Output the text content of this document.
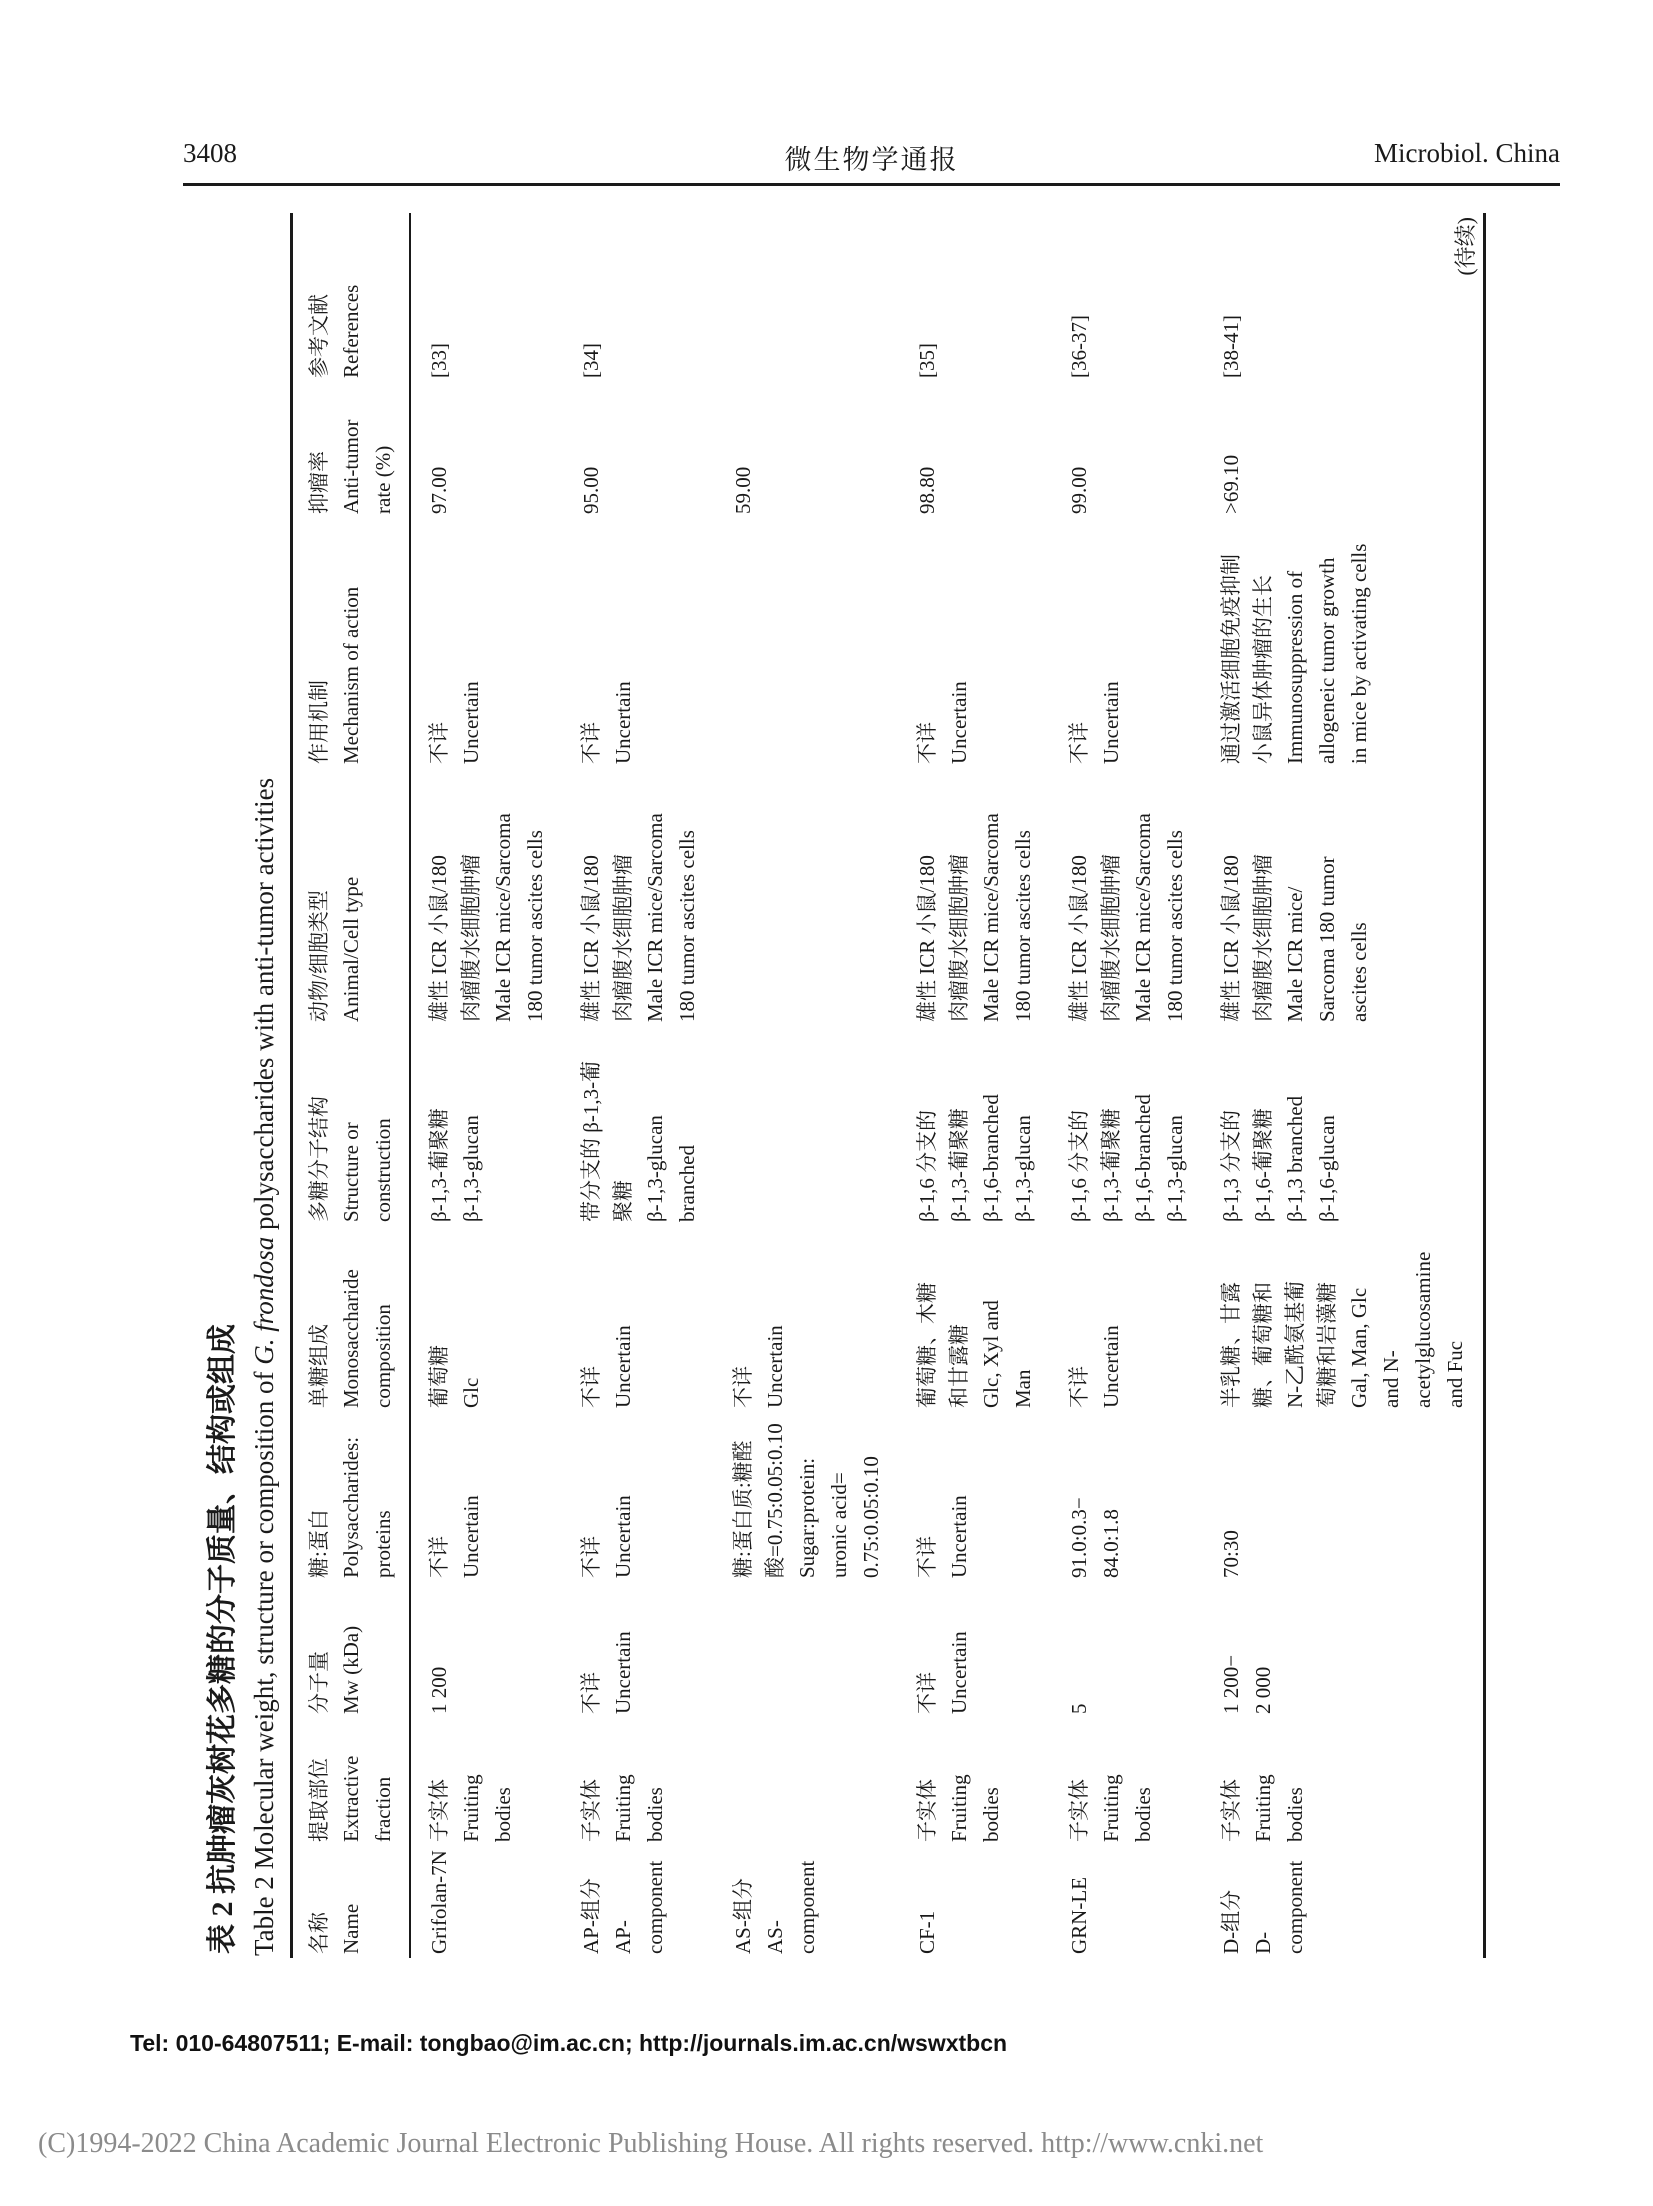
3408	微生物学通报	Microbiol. China
表 2 抗肿瘤灰树花多糖的分子质量、结构或组成 Table 2 Molecular weight, structure or composition of G. frondosa polysaccharides with anti-tumor activities
名称 Name
提取部位 Extractive fraction
分子量 Mw (kDa)
糖:蛋白 Polysaccharides: proteins
单糖组成 Monosaccharide composition
多糖分子结构 Structure or construction
动物/细胞类型 Animal/Cell type
作用机制 Mechanism of action
抑瘤率 Anti-tumor rate (%)
参考文献 References
Grifolan-7N
子实体 Fruiting bodies
1 200
不详 Uncertain
葡萄糖 Glc
β-1,3-葡聚糖 β-1,3-glucan
雄性 ICR 小鼠/180 肉瘤腹水细胞肿瘤 Male ICR mice/Sarcoma 180 tumor ascites cells
不详 Uncertain
97.00
[33]
AP-组分 AP- component
子实体 Fruiting bodies
不详 Uncertain
不详 Uncertain
不详 Uncertain
带分支的 β-1,3-葡 聚糖 β-1,3-glucan branched
雄性 ICR 小鼠/180 肉瘤腹水细胞肿瘤 Male ICR mice/Sarcoma 180 tumor ascites cells
不详 Uncertain
95.00
[34]
AS-组分 AS- component
糖:蛋白质:糖醛 酸=0.75:0.05:0.10 Sugar:protein: uronic acid= 0.75:0.05:0.10
不详 Uncertain
59.00
CF-1
子实体 Fruiting bodies
不详 Uncertain
不详 Uncertain
葡萄糖、木糖 和甘露糖 Glc, Xyl and Man
β-1,6 分支的 β-1,3-葡聚糖 β-1,6-branched β-1,3-glucan
雄性 ICR 小鼠/180 肉瘤腹水细胞肿瘤 Male ICR mice/Sarcoma 180 tumor ascites cells
不详 Uncertain
98.80
[35]
GRN-LE
子实体 Fruiting bodies
5
91.0:0.3− 84.0:1.8
不详 Uncertain
β-1,6 分支的 β-1,3-葡聚糖 β-1,6-branched β-1,3-glucan
雄性 ICR 小鼠/180 肉瘤腹水细胞肿瘤 Male ICR mice/Sarcoma 180 tumor ascites cells
不详 Uncertain
99.00
[36-37]
D-组分 D- component
子实体 Fruiting bodies
1 200− 2 000
70:30
半乳糖、甘露 糖、葡萄糖和 N-乙酰氨基葡 萄糖和岩藻糖 Gal, Man, Glc and N- acetylglucosamine and Fuc
β-1,3 分支的 β-1,6-葡聚糖 β-1,3 branched β-1,6-glucan
雄性 ICR 小鼠/180 肉瘤腹水细胞肿瘤 Male ICR mice/ Sarcoma 180 tumor ascites cells
通过激活细胞免疫抑制 小鼠异体肿瘤的生长 Immunosuppression of allogeneic tumor growth in mice by activating cells
>69.10
[38-41]
(待续)
Tel: 010-64807511; E-mail: tongbao@im.ac.cn; http://journals.im.ac.cn/wswxtbcn
(C)1994-2022 China Academic Journal Electronic Publishing House. All rights reserved. http://www.cnki.net
